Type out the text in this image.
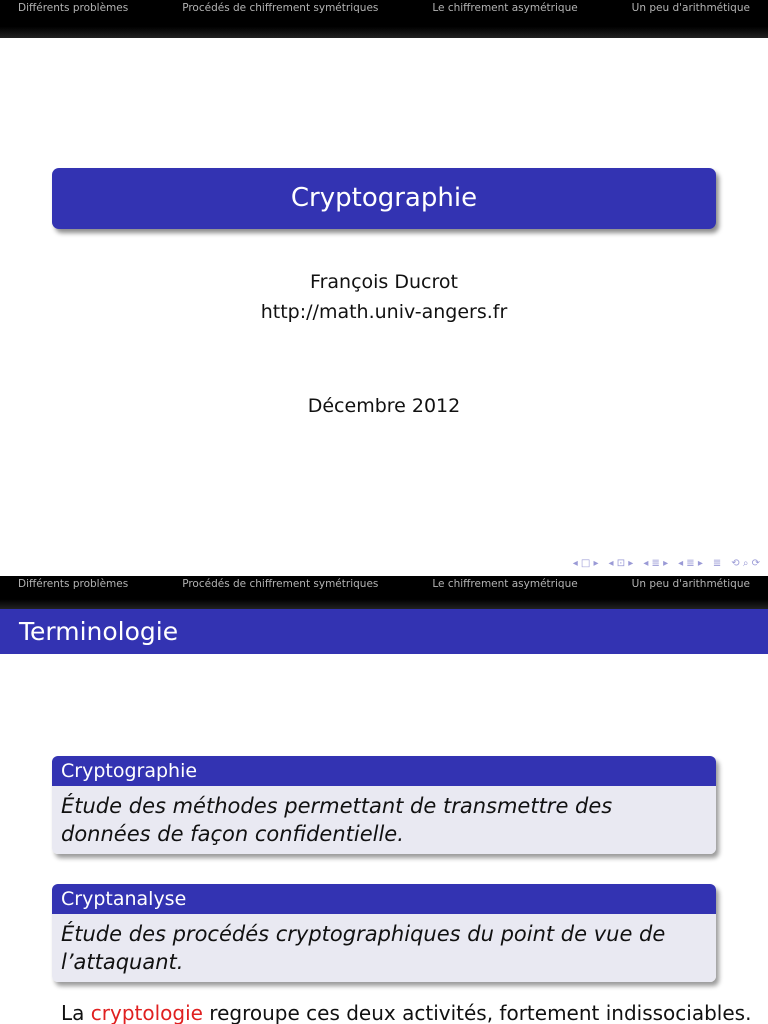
Différents problèmes	Procédés de chiffrement symétriques	Le chiffrement asymétrique	Un peu d'arithmétique
Cryptographie
François Ducrot
http://math.univ-angers.fr
Décembre 2012
◂ □ ▸ ◂ ⊡ ▸ ◂ ≣ ▸ ◂ ≣ ▸ ≣ ⟲ ⌕ ⟳
Différents problèmes	Procédés de chiffrement symétriques	Le chiffrement asymétrique	Un peu d'arithmétique
Terminologie
Cryptographie
Étude des méthodes permettant de transmettre des données de façon confidentielle.
Cryptanalyse
Étude des procédés cryptographiques du point de vue de l’attaquant.
La cryptologie regroupe ces deux activités, fortement indissociables.
